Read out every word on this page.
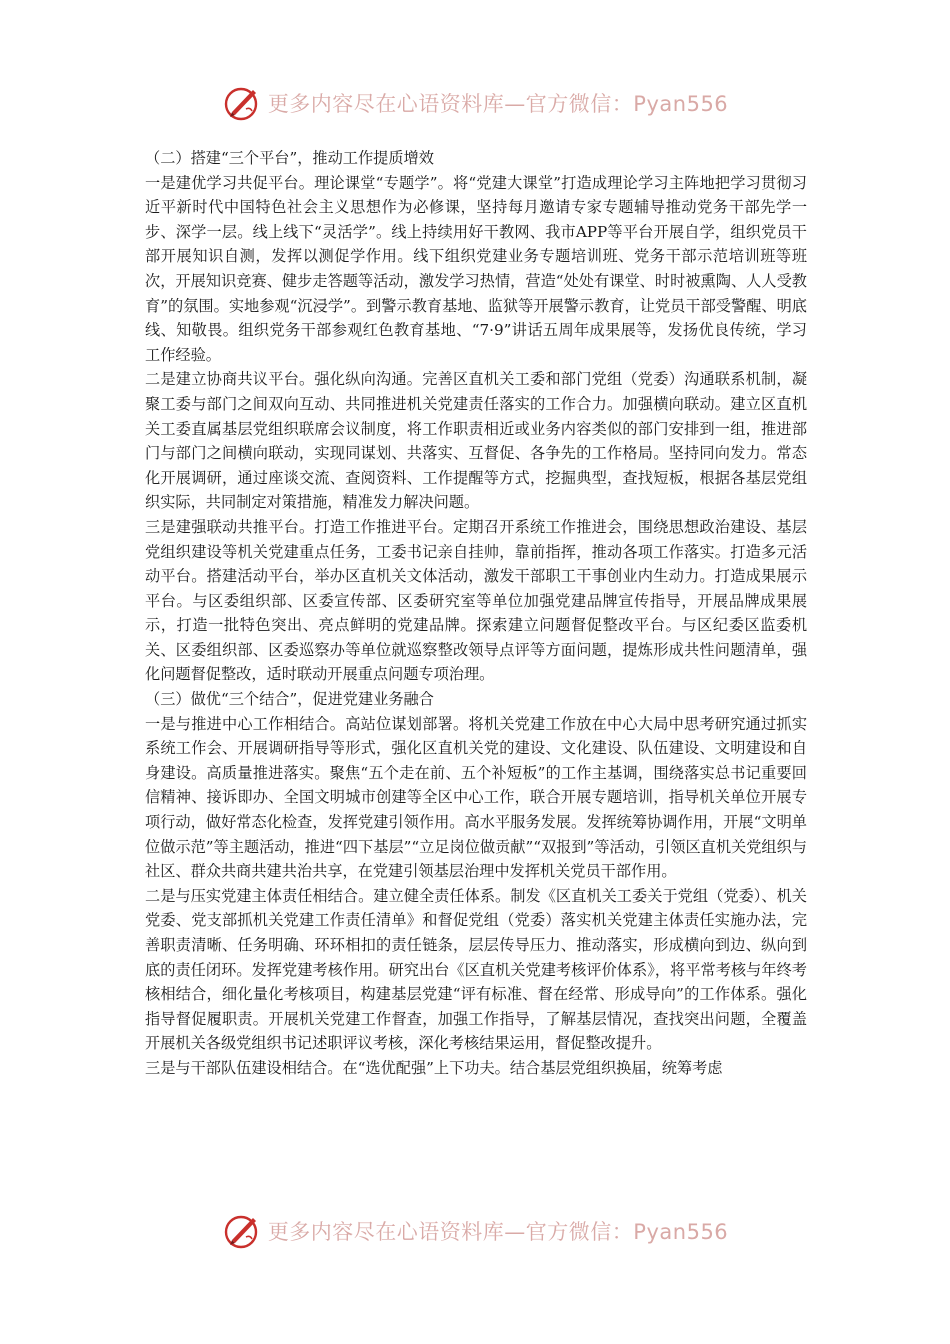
更多内容尽在心语资料库—官方微信：Pyan556

（二）搭建“三个平台”，推动工作提质增效

一是建优学习共促平台。理论课堂“专题学”。将“党建大课堂”打造成理论学习主阵地把学习贯彻习近平新时代中国特色社会主义思想作为必修课，坚持每月邀请专家专题辅导推动党务干部先学一步、深学一层。线上线下“灵活学”。线上持续用好干教网、我市APP等平台开展自学，组织党员干部开展知识自测，发挥以测促学作用。线下组织党建业务专题培训班、党务干部示范培训班等班次，开展知识竞赛、健步走答题等活动，激发学习热情，营造“处处有课堂、时时被熏陶、人人受教育”的氛围。实地参观“沉浸学”。到警示教育基地、监狱等开展警示教育，让党员干部受警醒、明底线、知敬畏。组织党务干部参观红色教育基地、“7·9”讲话五周年成果展等，发扬优良传统，学习工作经验。

二是建立协商共议平台。强化纵向沟通。完善区直机关工委和部门党组（党委）沟通联系机制，凝聚工委与部门之间双向互动、共同推进机关党建责任落实的工作合力。加强横向联动。建立区直机关工委直属基层党组织联席会议制度，将工作职责相近或业务内容类似的部门安排到一组，推进部门与部门之间横向联动，实现同谋划、共落实、互督促、各争先的工作格局。坚持同向发力。常态化开展调研，通过座谈交流、查阅资料、工作提醒等方式，挖掘典型，查找短板，根据各基层党组织实际，共同制定对策措施，精准发力解决问题。

三是建强联动共推平台。打造工作推进平台。定期召开系统工作推进会，围绕思想政治建设、基层党组织建设等机关党建重点任务，工委书记亲自挂帅，靠前指挥，推动各项工作落实。打造多元活动平台。搭建活动平台，举办区直机关文体活动，激发干部职工干事创业内生动力。打造成果展示平台。与区委组织部、区委宣传部、区委研究室等单位加强党建品牌宣传指导，开展品牌成果展示，打造一批特色突出、亮点鲜明的党建品牌。探索建立问题督促整改平台。与区纪委区监委机关、区委组织部、区委巡察办等单位就巡察整改领导点评等方面问题，提炼形成共性问题清单，强化问题督促整改，适时联动开展重点问题专项治理。

（三）做优“三个结合”，促进党建业务融合

一是与推进中心工作相结合。高站位谋划部署。将机关党建工作放在中心大局中思考研究通过抓实系统工作会、开展调研指导等形式，强化区直机关党的建设、文化建设、队伍建设、文明建设和自身建设。高质量推进落实。聚焦“五个走在前、五个补短板”的工作主基调，围绕落实总书记重要回信精神、接诉即办、全国文明城市创建等全区中心工作，联合开展专题培训，指导机关单位开展专项行动，做好常态化检查，发挥党建引领作用。高水平服务发展。发挥统筹协调作用，开展“文明单位做示范”等主题活动，推进“四下基层”“立足岗位做贡献”“双报到”等活动，引领区直机关党组织与社区、群众共商共建共治共享，在党建引领基层治理中发挥机关党员干部作用。

二是与压实党建主体责任相结合。建立健全责任体系。制发《区直机关工委关于党组（党委）、机关党委、党支部抓机关党建工作责任清单》和督促党组（党委）落实机关党建主体责任实施办法，完善职责清晰、任务明确、环环相扣的责任链条，层层传导压力、推动落实，形成横向到边、纵向到底的责任闭环。发挥党建考核作用。研究出台《区直机关党建考核评价体系》，将平常考核与年终考核相结合，细化量化考核项目，构建基层党建“评有标准、督在经常、形成导向”的工作体系。强化指导督促履职责。开展机关党建工作督查，加强工作指导，了解基层情况，查找突出问题，全覆盖开展机关各级党组织书记述职评议考核，深化考核结果运用，督促整改提升。

三是与干部队伍建设相结合。在“选优配强”上下功夫。结合基层党组织换届，统筹考虑

更多内容尽在心语资料库—官方微信：Pyan556
